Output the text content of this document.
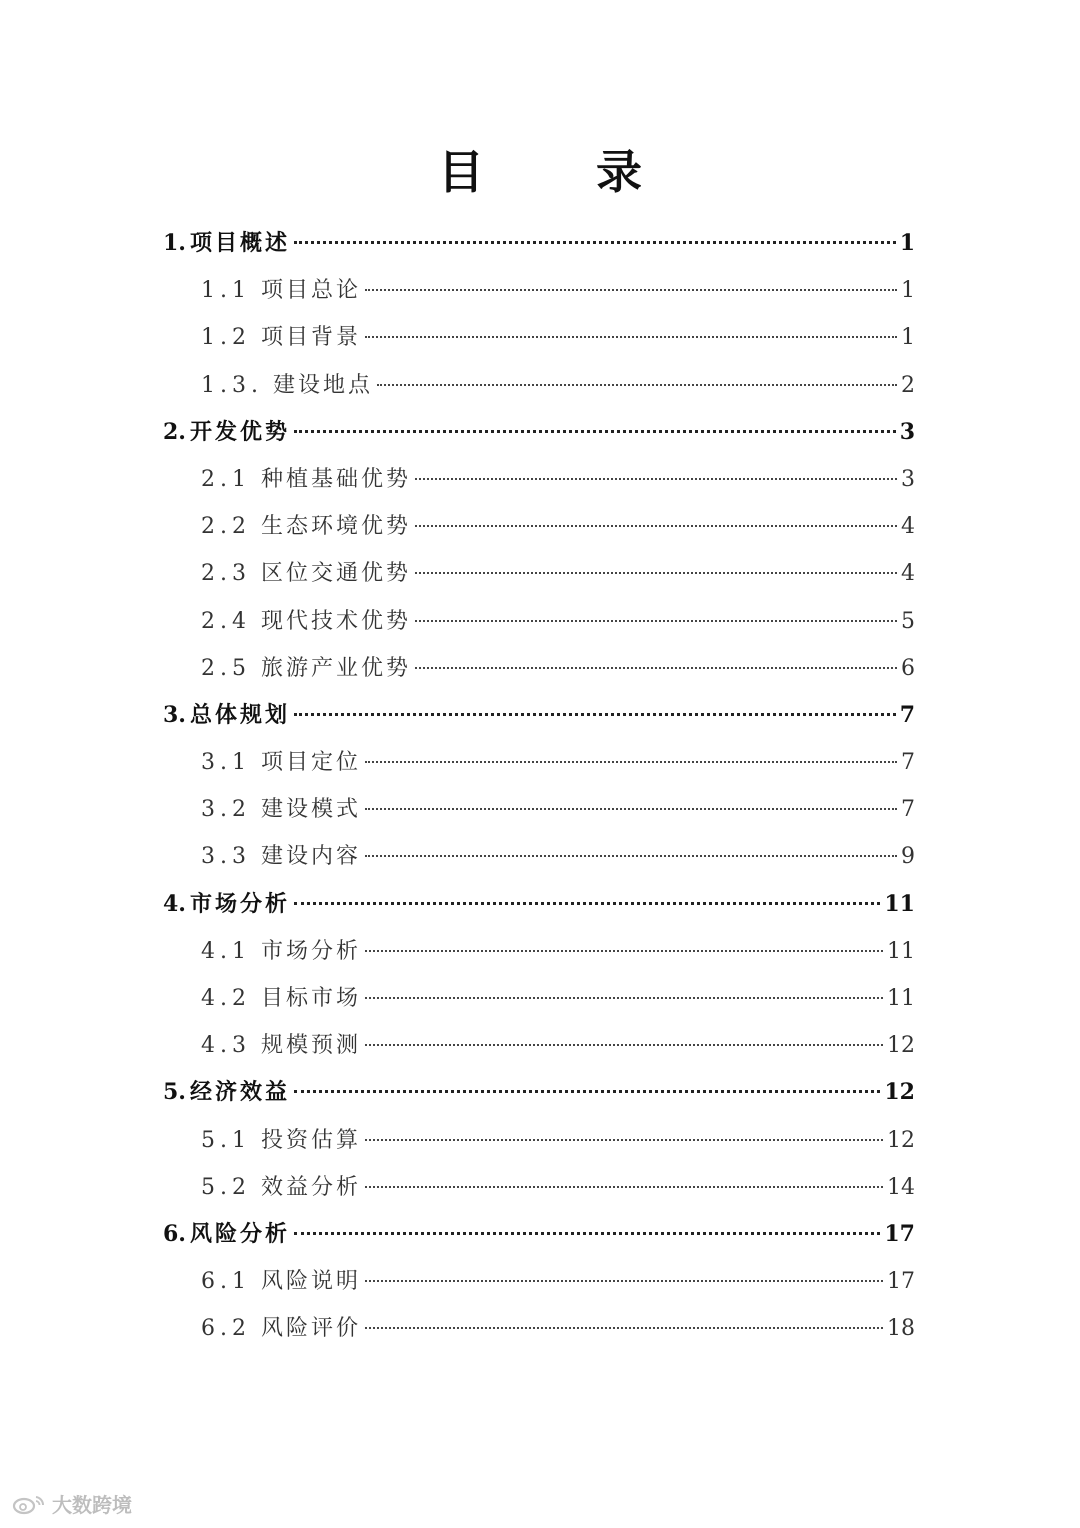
目 录
1. 项目概述	1
1.1 项目总论	1
1.2 项目背景	1
1.3. 建设地点	2
2. 开发优势	3
2.1 种植基础优势	3
2.2 生态环境优势	4
2.3 区位交通优势	4
2.4 现代技术优势	5
2.5 旅游产业优势	6
3. 总体规划	7
3.1 项目定位	7
3.2 建设模式	7
3.3 建设内容	9
4. 市场分析	11
4.1 市场分析	11
4.2 目标市场	11
4.3 规模预测	12
5. 经济效益	12
5.1 投资估算	12
5.2 效益分析	14
6. 风险分析	17
6.1 风险说明	17
6.2 风险评价	18
大数跨境
